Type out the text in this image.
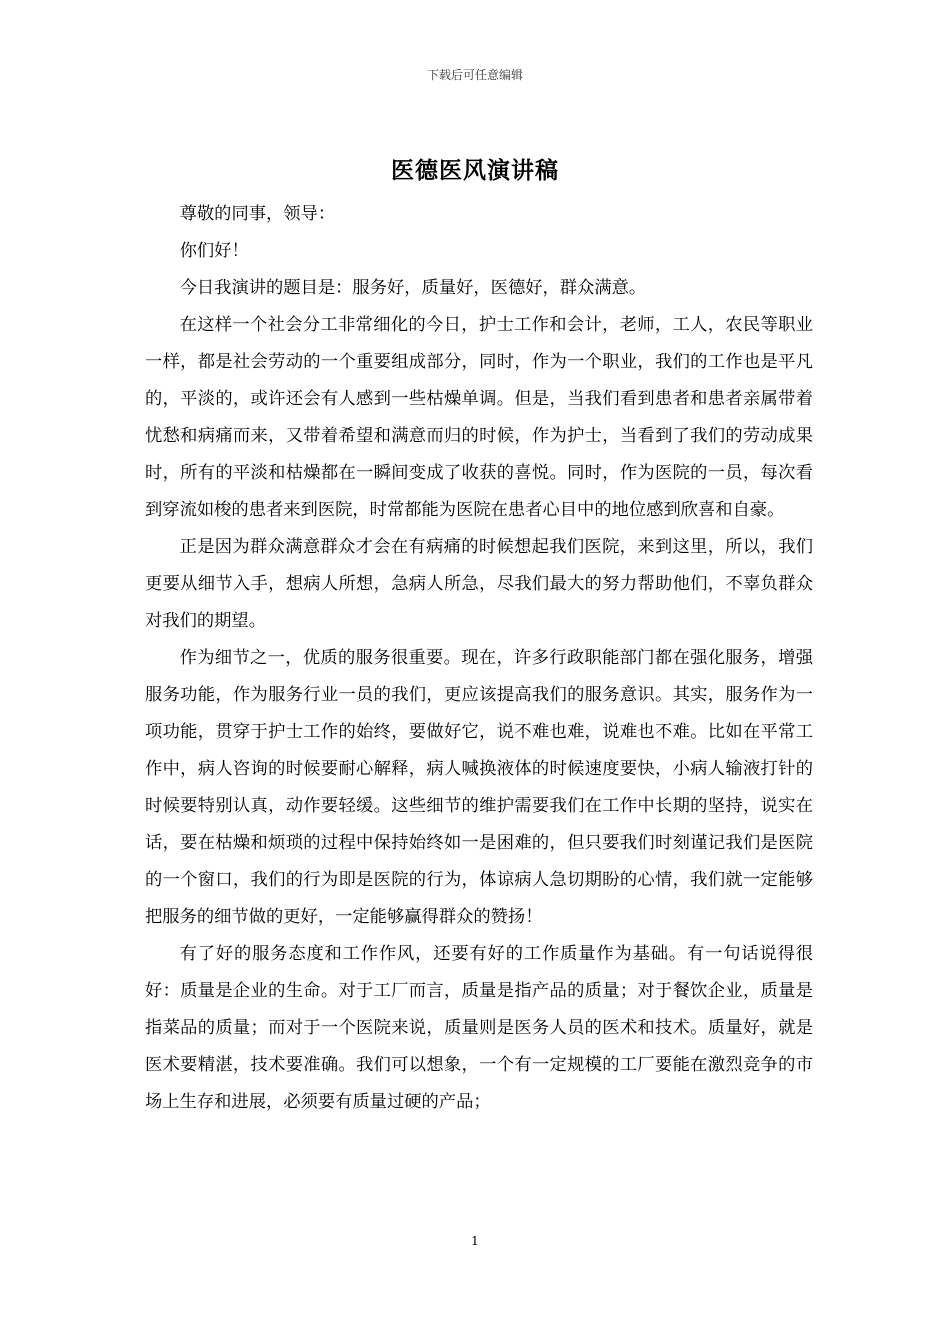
下载后可任意编辑
医德医风演讲稿

尊敬的同事，领导：

你们好！

今日我演讲的题目是：服务好，质量好，医德好，群众满意。

在这样一个社会分工非常细化的今日，护士工作和会计，老师，工人，农民等职业一样，都是社会劳动的一个重要组成部分，同时，作为一个职业，我们的工作也是平凡的，平淡的，或许还会有人感到一些枯燥单调。但是，当我们看到患者和患者亲属带着忧愁和病痛而来，又带着希望和满意而归的时候，作为护士，当看到了我们的劳动成果时，所有的平淡和枯燥都在一瞬间变成了收获的喜悦。同时，作为医院的一员，每次看到穿流如梭的患者来到医院，时常都能为医院在患者心目中的地位感到欣喜和自豪。

正是因为群众满意群众才会在有病痛的时候想起我们医院，来到这里，所以，我们更要从细节入手，想病人所想，急病人所急，尽我们最大的努力帮助他们，不辜负群众对我们的期望。

作为细节之一，优质的服务很重要。现在，许多行政职能部门都在强化服务，增强服务功能，作为服务行业一员的我们，更应该提高我们的服务意识。其实，服务作为一项功能，贯穿于护士工作的始终，要做好它，说不难也难，说难也不难。比如在平常工作中，病人咨询的时候要耐心解释，病人喊换液体的时候速度要快，小病人输液打针的时候要特别认真，动作要轻缓。这些细节的维护需要我们在工作中长期的坚持，说实在话，要在枯燥和烦琐的过程中保持始终如一是困难的，但只要我们时刻谨记我们是医院的一个窗口，我们的行为即是医院的行为，体谅病人急切期盼的心情，我们就一定能够把服务的细节做的更好，一定能够赢得群众的赞扬！

有了好的服务态度和工作作风，还要有好的工作质量作为基础。有一句话说得很好：质量是企业的生命。对于工厂而言，质量是指产品的质量；对于餐饮企业，质量是指菜品的质量；而对于一个医院来说，质量则是医务人员的医术和技术。质量好，就是医术要精湛，技术要准确。我们可以想象，一个有一定规模的工厂要能在激烈竞争的市场上生存和进展，必须要有质量过硬的产品；

1
